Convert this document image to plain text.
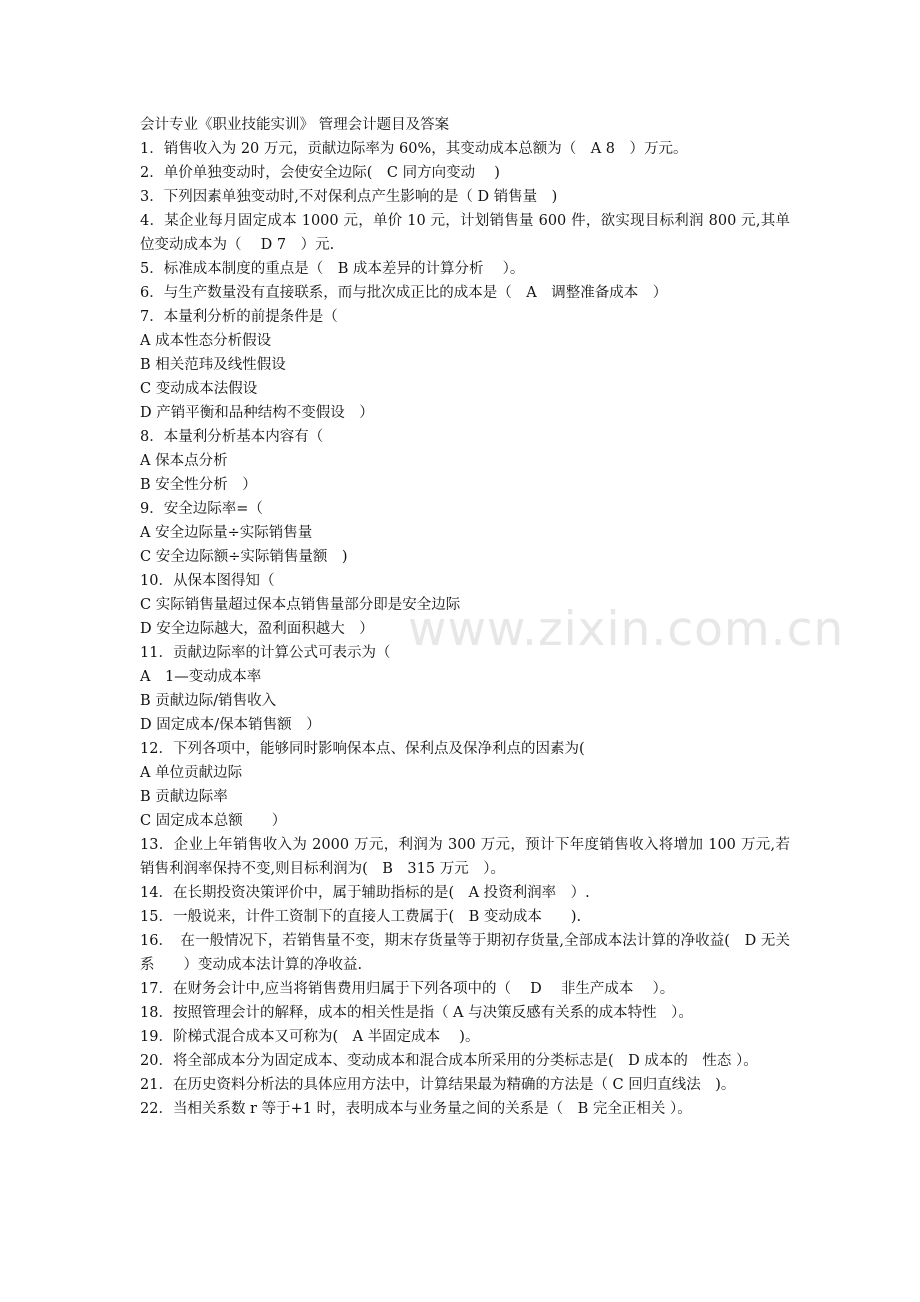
www.zixin.com.cn
会计专业《职业技能实训》 管理会计题目及答案
1．销售收入为 20 万元，贡献边际率为 60%，其变动成本总额为（　A 8　）万元。
2．单价单独变动时，会使安全边际(　C 同方向变动　 )
3．下列因素单独变动时,不对保利点产生影响的是（ D 销售量　)
4．某企业每月固定成本 1000 元，单价 10 元，计划销售量 600 件，欲实现目标利润 800 元,其单位变动成本为（　 D 7　）元.
5．标准成本制度的重点是（　B 成本差异的计算分析　 ）。
6．与生产数量没有直接联系，而与批次成正比的成本是（　A　调整准备成本　）
7．本量利分析的前提条件是（
A 成本性态分析假设
B 相关范玮及线性假设
C 变动成本法假设
D 产销平衡和品种结构不变假设　）
8．本量利分析基本内容有（
A 保本点分析
B 安全性分析　）
9．安全边际率=（
A 安全边际量÷实际销售量
C 安全边际额÷实际销售量额　)
10．从保本图得知（
C 实际销售量超过保本点销售量部分即是安全边际
D 安全边际越大，盈利面积越大　）
11．贡献边际率的计算公式可表示为（
A　1—变动成本率
B 贡献边际/销售收入
D 固定成本/保本销售额　）
12．下列各项中，能够同时影响保本点、保利点及保净利点的因素为(
A 单位贡献边际
B 贡献边际率
C 固定成本总额　　）
13．企业上年销售收入为 2000 万元，利润为 300 万元，预计下年度销售收入将增加 100 万元,若销售利润率保持不变,则目标利润为(　B　315 万元　）。
14．在长期投资决策评价中，属于辅助指标的是(　A 投资利润率　）.
15．一般说来，计件工资制下的直接人工费属于(　B 变动成本　　).
16．　在一般情况下，若销售量不变，期末存货量等于期初存货量,全部成本法计算的净收益(　D 无关系　　）变动成本法计算的净收益.
17．在财务会计中,应当将销售费用归属于下列各项中的（　 D　 非生产成本　 ）。
18．按照管理会计的解释，成本的相关性是指（ A 与决策反感有关系的成本特性　）。
19．阶梯式混合成本又可称为(　A 半固定成本　 )。
20．将全部成本分为固定成本、变动成本和混合成本所采用的分类标志是(　D 成本的　性态 ）。
21．在历史资料分析法的具体应用方法中，计算结果最为精确的方法是（ C 回归直线法　)。
22．当相关系数 r 等于+1 时，表明成本与业务量之间的关系是（　B 完全正相关 ）。
